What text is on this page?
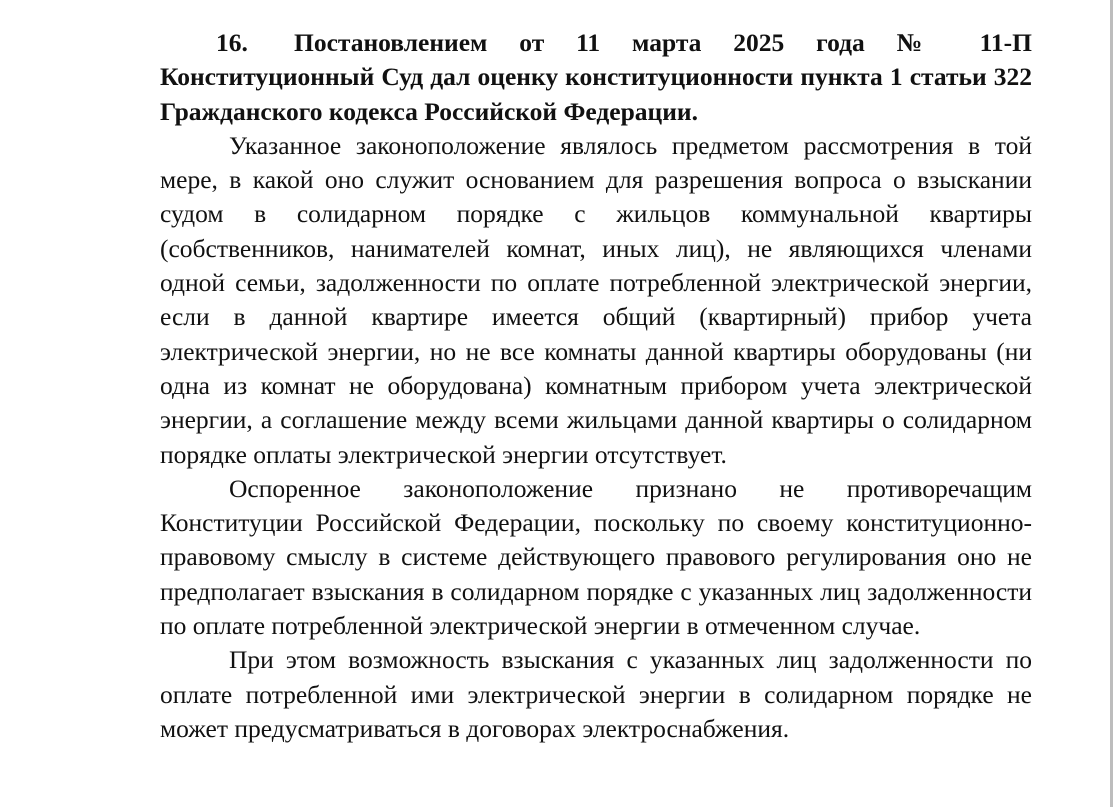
16. Постановлением от 11 марта 2025 года № 11-П Конституционный Суд дал оценку конституционности пункта 1 статьи 322 Гражданского кодекса Российской Федерации.

Указанное законоположение являлось предметом рассмотрения в той мере, в какой оно служит основанием для разрешения вопроса о взыскании судом в солидарном порядке с жильцов коммунальной квартиры (собственников, нанимателей комнат, иных лиц), не являющихся членами одной семьи, задолженности по оплате потребленной электрической энергии, если в данной квартире имеется общий (квартирный) прибор учета электрической энергии, но не все комнаты данной квартиры оборудованы (ни одна из комнат не оборудована) комнатным прибором учета электрической энергии, а соглашение между всеми жильцами данной квартиры о солидарном порядке оплаты электрической энергии отсутствует.

Оспоренное законоположение признано не противоречащим Конституции Российской Федерации, поскольку по своему конституционно-правовому смыслу в системе действующего правового регулирования оно не предполагает взыскания в солидарном порядке с указанных лиц задолженности по оплате потребленной электрической энергии в отмеченном случае.

При этом возможность взыскания с указанных лиц задолженности по оплате потребленной ими электрической энергии в солидарном порядке не может предусматриваться в договорах электроснабжения.
